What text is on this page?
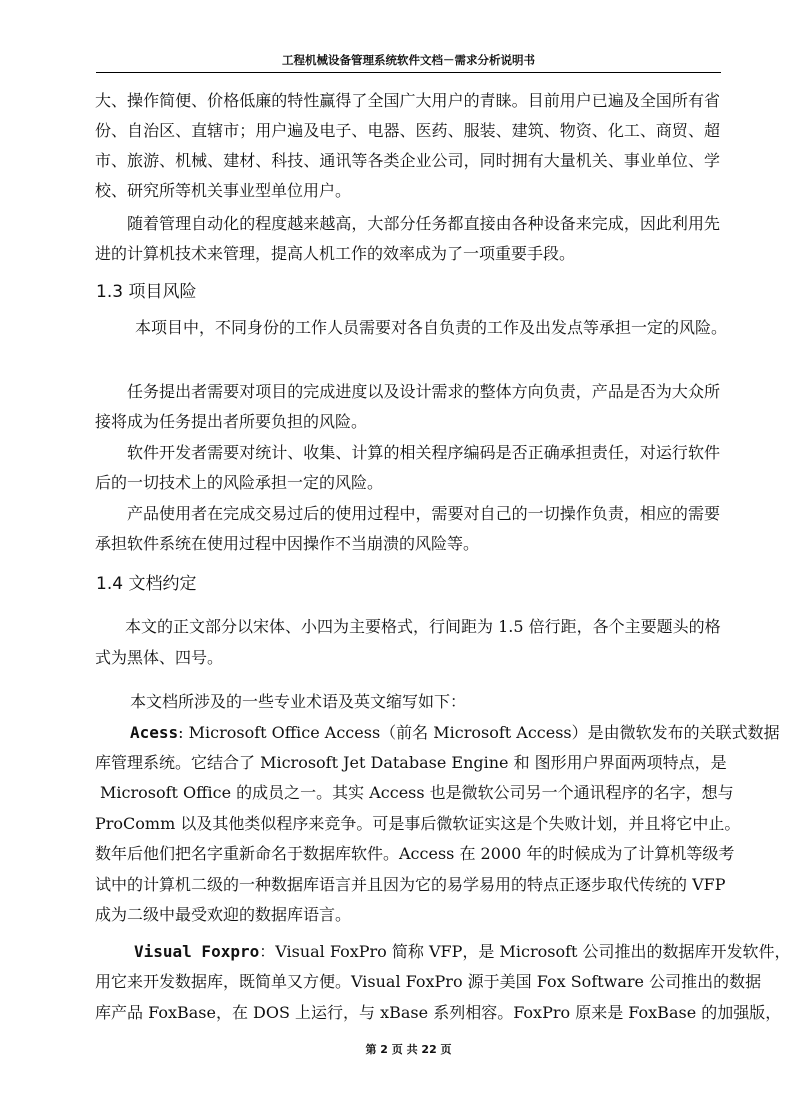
工程机械设备管理系统软件文档－需求分析说明书
大、操作简便、价格低廉的特性赢得了全国广大用户的青睐。目前用户已遍及全国所有省
份、自治区、直辖市；用户遍及电子、电器、医药、服装、建筑、物资、化工、商贸、超
市、旅游、机械、建材、科技、通讯等各类企业公司，同时拥有大量机关、事业单位、学
校、研究所等机关事业型单位用户。
随着管理自动化的程度越来越高，大部分任务都直接由各种设备来完成，因此利用先
进的计算机技术来管理，提高人机工作的效率成为了一项重要手段。
1.3 项目风险
本项目中，不同身份的工作人员需要对各自负责的工作及出发点等承担一定的风险。
任务提出者需要对项目的完成进度以及设计需求的整体方向负责，产品是否为大众所
接将成为任务提出者所要负担的风险。
软件开发者需要对统计、收集、计算的相关程序编码是否正确承担责任，对运行软件
后的一切技术上的风险承担一定的风险。
产品使用者在完成交易过后的使用过程中，需要对自己的一切操作负责，相应的需要
承担软件系统在使用过程中因操作不当崩溃的风险等。
1.4 文档约定
本文的正文部分以宋体、小四为主要格式，行间距为 1.5 倍行距，各个主要题头的格
式为黑体、四号。
本文档所涉及的一些专业术语及英文缩写如下：
Acess: Microsoft Office Access（前名 Microsoft Access）是由微软发布的关联式数据
库管理系统。它结合了 Microsoft Jet Database Engine 和 图形用户界面两项特点，是
Microsoft Office 的成员之一。其实 Access 也是微软公司另一个通讯程序的名字，想与
ProComm 以及其他类似程序来竞争。可是事后微软证实这是个失败计划，并且将它中止。
数年后他们把名字重新命名于数据库软件。Access 在 2000 年的时候成为了计算机等级考
试中的计算机二级的一种数据库语言并且因为它的易学易用的特点正逐步取代传统的 VFP
成为二级中最受欢迎的数据库语言。
Visual Foxpro：Visual FoxPro 简称 VFP，是 Microsoft 公司推出的数据库开发软件，
用它来开发数据库，既简单又方便。Visual FoxPro 源于美国 Fox Software 公司推出的数据
库产品 FoxBase，在 DOS 上运行，与 xBase 系列相容。FoxPro 原来是 FoxBase 的加强版，
第 2 页 共 22 页
